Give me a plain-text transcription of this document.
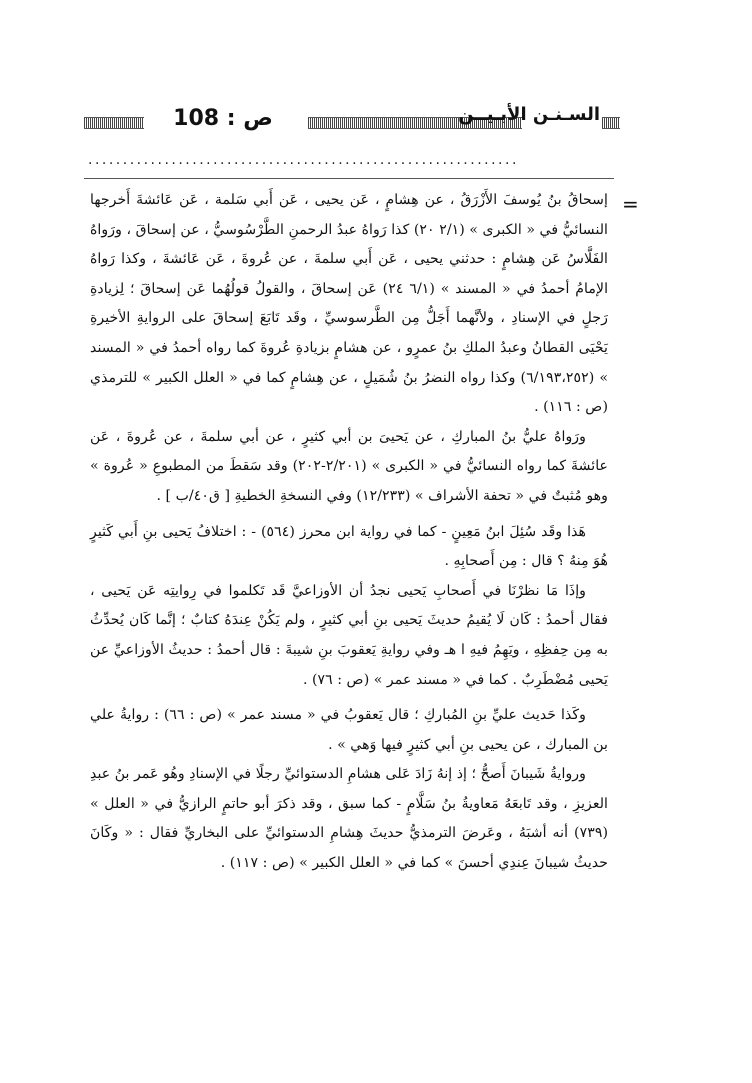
ص : 108	السـنـن الأبـيــن
..............................................................
=

إسحاقُ بنُ يُوسفَ الأَزْرَقُ ، عن هِشامٍ ، عَن يحيى ، عَن أَبي سَلمة ، عَن عَائشةَ أَخرجها النسائيُّ في « الكبرى » (٢/١ ٢٠) كذا رَواهُ عبدُ الرحمنِ الطَّرْسُوسيُّ ، عن إسحاقَ ، ورَواهُ الفَلَّاسُ عَن هِشامٍ : حدثني يحيى ، عَن أَبي سلمةَ ، عن عُروةَ ، عَن عَائشةَ ، وكذا رَواهُ الإمامُ أحمدُ في « المسند » (٦/١ ٢٤) عَن إسحاقَ ، والقولُ قولُهُما عَن إسحاقَ ؛ لِزيادةِ رَجلٍ في الإسنادِ ، ولأنَّهما أَجَلُّ مِن الطَّرسوسيِّ ، وقَد تَابَعَ إسحاقَ على الروايةِ الأخيرةِ يَحْيَى القطانُ وعبدُ الملكِ بنُ عمرٍو ، عن هشامٍ بزيادةِ عُروةَ كما رواه أحمدُ في « المسند » (٦/١٩٣،٢٥٢) وكذا رواه النضرُ بنُ شُمَيلٍ ، عن هِشامٍ كما في « العلل الكبير » للترمذي (ص : ١١٦) .

ورَواهُ عليُّ بنُ المباركِ ، عن يَحيىَ بن أبي كثيرٍ ، عن أبي سلمةَ ، عن عُروةَ ، عَن عائشةَ كما رواه النسائيُّ في « الكبرى » (٢/٢٠١-٢٠٢) وقد سَقطَ من المطبوعِ « عُروة » وهو مُثبتٌ في « تحفة الأشراف » (١٢/٢٣٣) وفي النسخةِ الخطيةِ [ ق٤٠/ب ] .

هَذا وقَد سُئِلَ ابنُ مَعِينٍ - كما في رواية ابن محرز (٥٦٤) - : اختلافُ يَحيى بنِ أَبي كَثيرٍ هُوَ مِنهُ ؟ قال : مِن أَصحابِهِ .

وإذَا مَا نظرْنَا في أَصحابِ يَحيى نجدُ أن الأوزاعيَّ قَد تَكلموا في رِوايتِه عَن يَحيى ، فقال أحمدُ : كَان لَا يُقيمُ حديثَ يَحيى بنِ أبي كثيرٍ ، ولم يَكُنْ عِندَهُ كتابٌ ؛ إنَّما كَان يُحدِّثُ به مِن حِفظِهِ ، ويَهِمُ فيهِ ا هـ وفي روايةِ يَعقوبَ بنِ شيبةَ : قال أحمدُ : حديثُ الأوزاعيِّ عن يَحيى مُضْطَرِبٌ . كما في « مسند عمر » (ص : ٧٦) .

وكَذا حَديث عليِّ بنِ المُباركِ ؛ قال يَعقوبُ في « مسند عمر » (ص : ٦٦) : روايةُ علي بن المبارك ، عن يحيى بنِ أبي كثيرٍ فيها وَهي » .

وروايةُ شَيبانَ أَصحُّ ؛ إذ إنهُ زَادَ عَلى هشامِ الدستوائيِّ رجلًا في الإسنادِ وهُو عَمر بنُ عبدِ العزيزِ ، وقد تَابعَهُ مَعاويةُ بنُ سَلَّامٍ - كما سبق ، وقد ذكرَ أبو حاتمٍ الرازيُّ في « العلل » (٧٣٩) أنه أشبَهُ ، وعَرضَ الترمذيُّ حديثَ هِشامِ الدستوائيِّ على البخاريِّ فقال : « وكَانَ حديثُ شيبانَ عِندِي أحسنَ » كما في « العلل الكبير » (ص : ١١٧) .
